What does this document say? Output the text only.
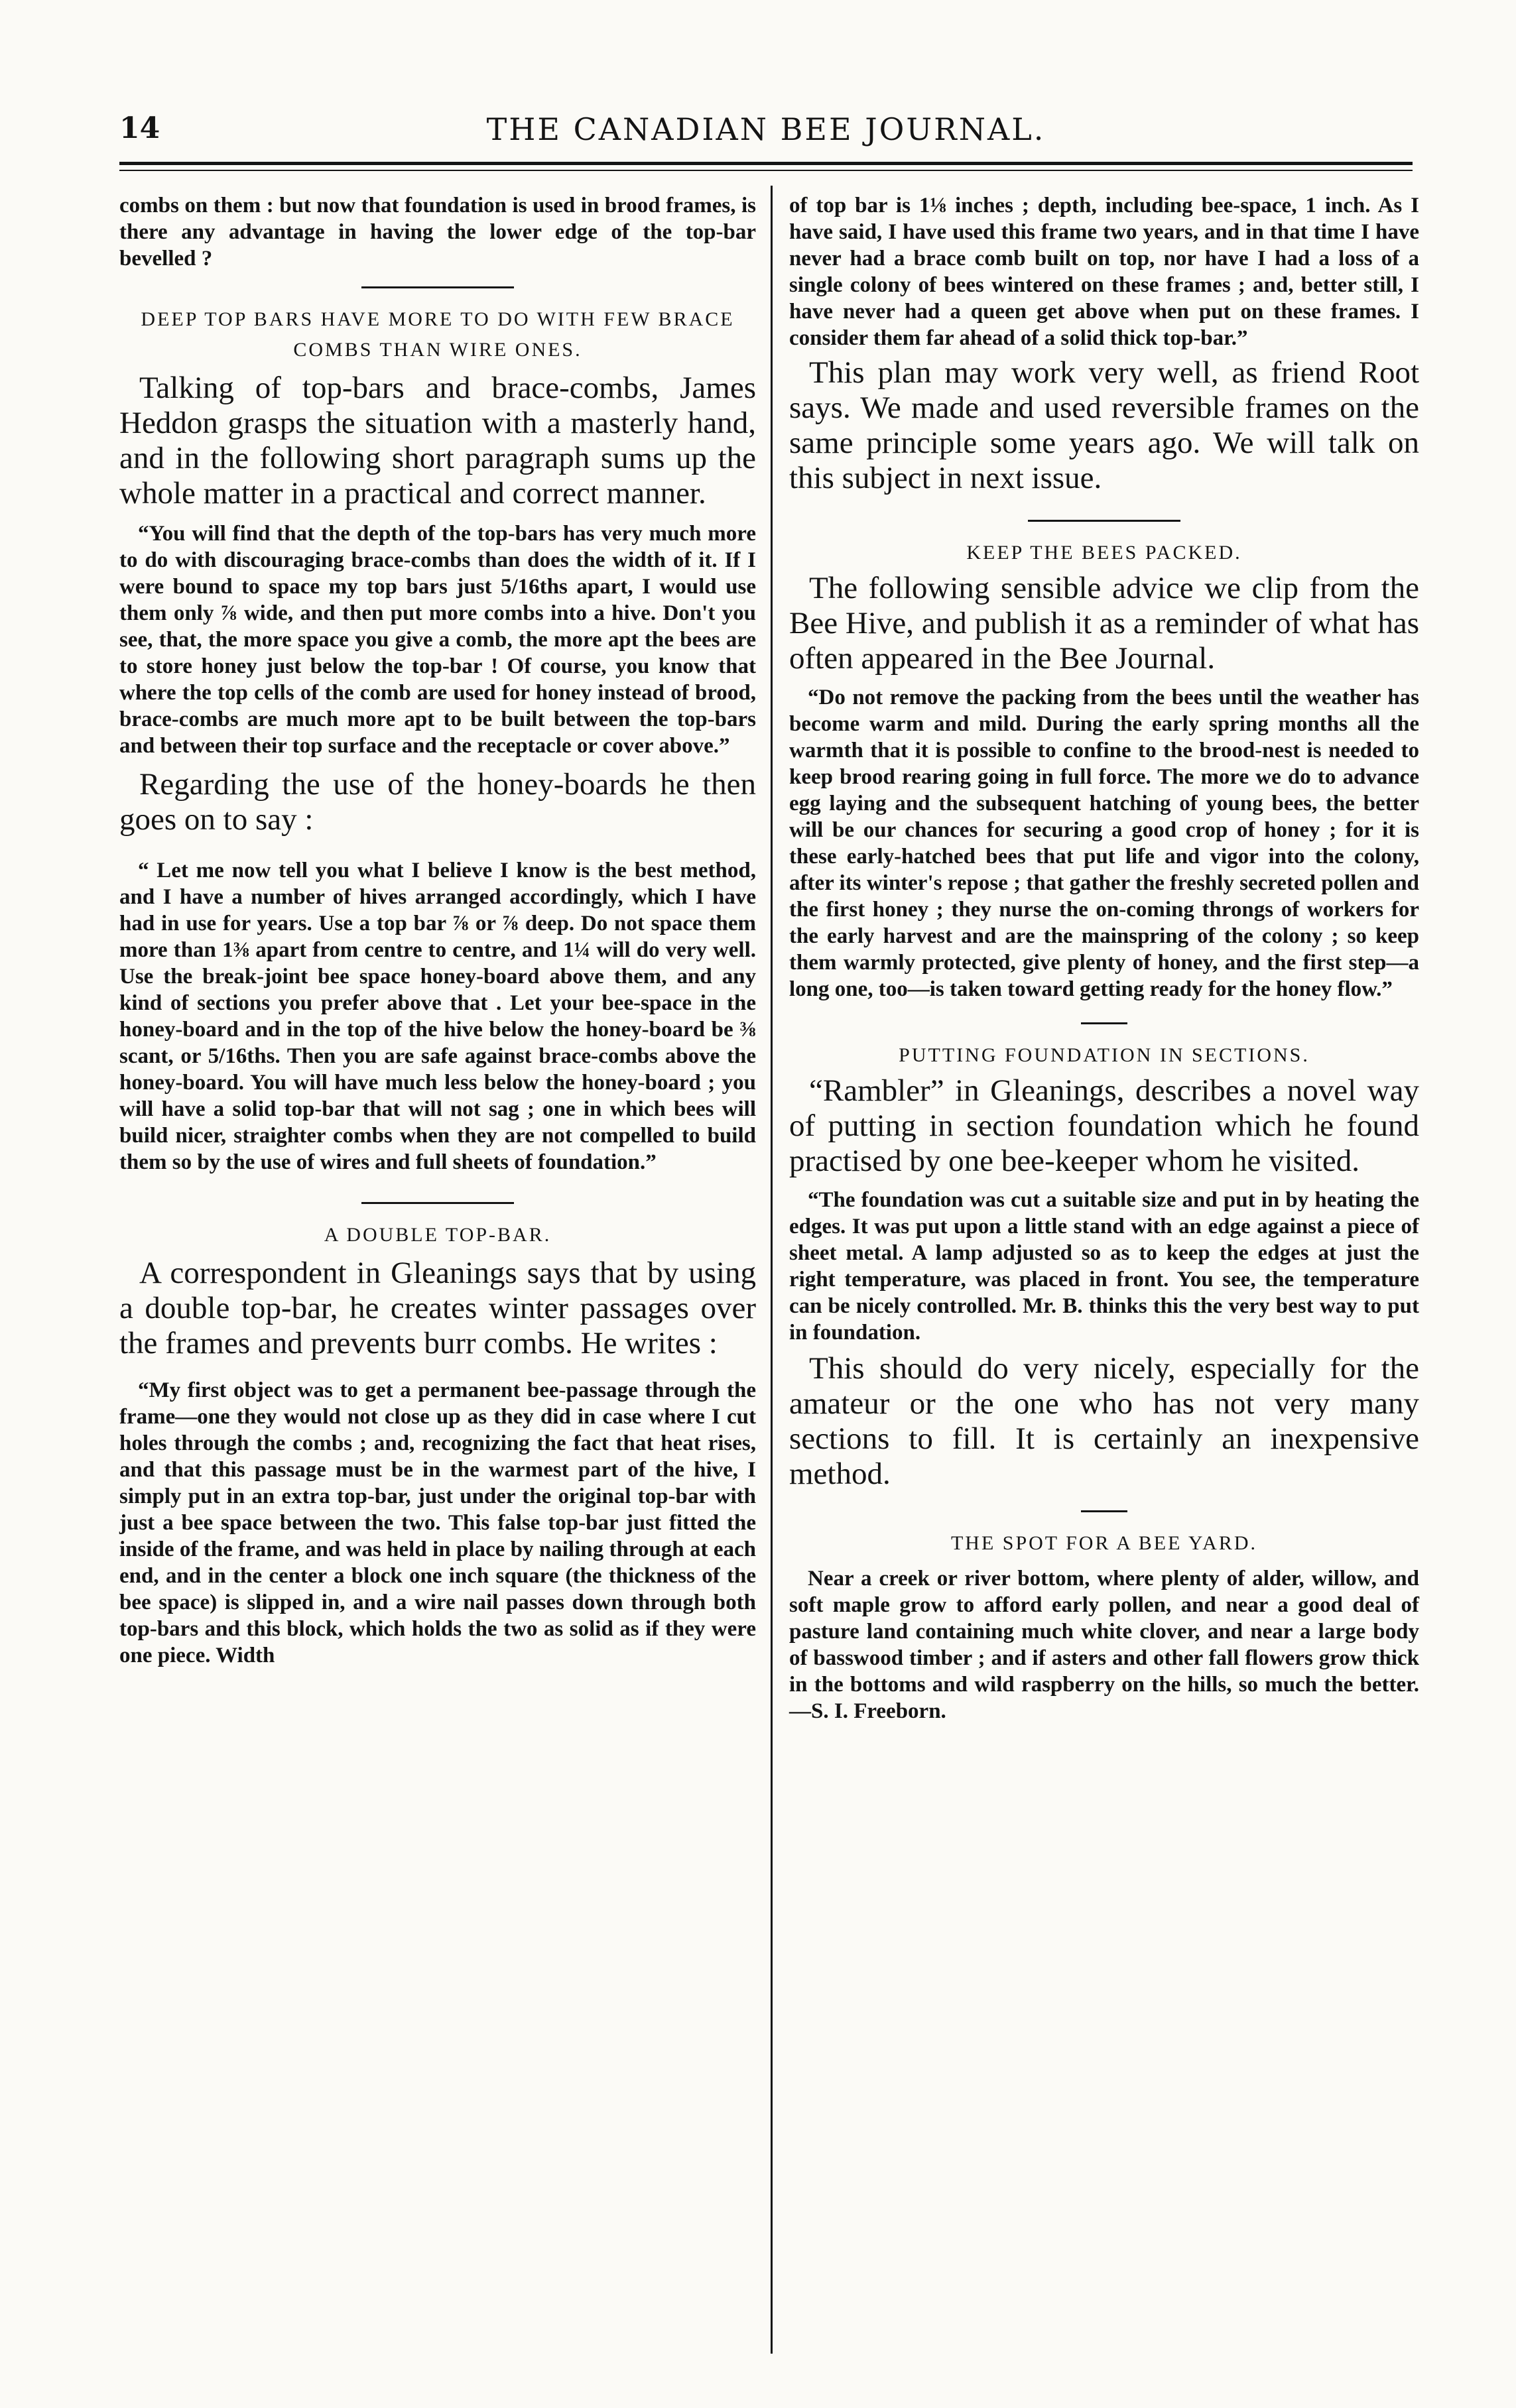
14	THE CANADIAN BEE JOURNAL.

combs on them : but now that foundation is used in brood frames, is there any advantage in having the lower edge of the top-bar bevelled ?

DEEP TOP BARS HAVE MORE TO DO WITH FEW BRACE COMBS THAN WIRE ONES.

Talking of top-bars and brace-combs, James Heddon grasps the situation with a masterly hand, and in the following short paragraph sums up the whole matter in a practical and correct manner.

“You will find that the depth of the top-bars has very much more to do with discouraging brace-combs than does the width of it. If I were bound to space my top bars just 5/16ths apart, I would use them only ⅞ wide, and then put more combs into a hive. Don't you see, that, the more space you give a comb, the more apt the bees are to store honey just below the top-bar ! Of course, you know that where the top cells of the comb are used for honey instead of brood, brace-combs are much more apt to be built between the top-bars and between their top surface and the receptacle or cover above.”

Regarding the use of the honey-boards he then goes on to say :

“ Let me now tell you what I believe I know is the best method, and I have a number of hives arranged accordingly, which I have had in use for years. Use a top bar ⅞ or ⅞ deep. Do not space them more than 1⅜ apart from centre to centre, and 1¼ will do very well. Use the break-joint bee space honey-board above them, and any kind of sections you prefer above that . Let your bee-space in the honey-board and in the top of the hive below the honey-board be ⅜ scant, or 5/16ths. Then you are safe against brace-combs above the honey-board. You will have much less below the honey-board ; you will have a solid top-bar that will not sag ; one in which bees will build nicer, straighter combs when they are not compelled to build them so by the use of wires and full sheets of foundation.”

A DOUBLE TOP-BAR.

A correspondent in Gleanings says that by using a double top-bar, he creates winter passages over the frames and prevents burr combs. He writes :

“My first object was to get a permanent bee-passage through the frame—one they would not close up as they did in case where I cut holes through the combs ; and, recognizing the fact that heat rises, and that this passage must be in the warmest part of the hive, I simply put in an extra top-bar, just under the original top-bar with just a bee space between the two. This false top-bar just fitted the inside of the frame, and was held in place by nailing through at each end, and in the center a block one inch square (the thickness of the bee space) is slipped in, and a wire nail passes down through both top-bars and this block, which holds the two as solid as if they were one piece. Width

of top bar is 1⅛ inches ; depth, including bee-space, 1 inch. As I have said, I have used this frame two years, and in that time I have never had a brace comb built on top, nor have I had a loss of a single colony of bees wintered on these frames ; and, better still, I have never had a queen get above when put on these frames. I consider them far ahead of a solid thick top-bar.”

This plan may work very well, as friend Root says. We made and used reversible frames on the same principle some years ago. We will talk on this subject in next issue.

KEEP THE BEES PACKED.

The following sensible advice we clip from the Bee Hive, and publish it as a reminder of what has often appeared in the Bee Journal.

“Do not remove the packing from the bees until the weather has become warm and mild. During the early spring months all the warmth that it is possible to confine to the brood-nest is needed to keep brood rearing going in full force. The more we do to advance egg laying and the subsequent hatching of young bees, the better will be our chances for securing a good crop of honey ; for it is these early-hatched bees that put life and vigor into the colony, after its winter's repose ; that gather the freshly secreted pollen and the first honey ; they nurse the on-coming throngs of workers for the early harvest and are the mainspring of the colony ; so keep them warmly protected, give plenty of honey, and the first step—a long one, too—is taken toward getting ready for the honey flow.”

PUTTING FOUNDATION IN SECTIONS.

“Rambler” in Gleanings, describes a novel way of putting in section foundation which he found practised by one bee-keeper whom he visited.

“The foundation was cut a suitable size and put in by heating the edges. It was put upon a little stand with an edge against a piece of sheet metal. A lamp adjusted so as to keep the edges at just the right temperature, was placed in front. You see, the temperature can be nicely controlled. Mr. B. thinks this the very best way to put in foundation.

This should do very nicely, especially for the amateur or the one who has not very many sections to fill. It is certainly an inexpensive method.

THE SPOT FOR A BEE YARD.

Near a creek or river bottom, where plenty of alder, willow, and soft maple grow to afford early pollen, and near a good deal of pasture land containing much white clover, and near a large body of basswood timber ; and if asters and other fall flowers grow thick in the bottoms and wild raspberry on the hills, so much the better.—S. I. Freeborn.
